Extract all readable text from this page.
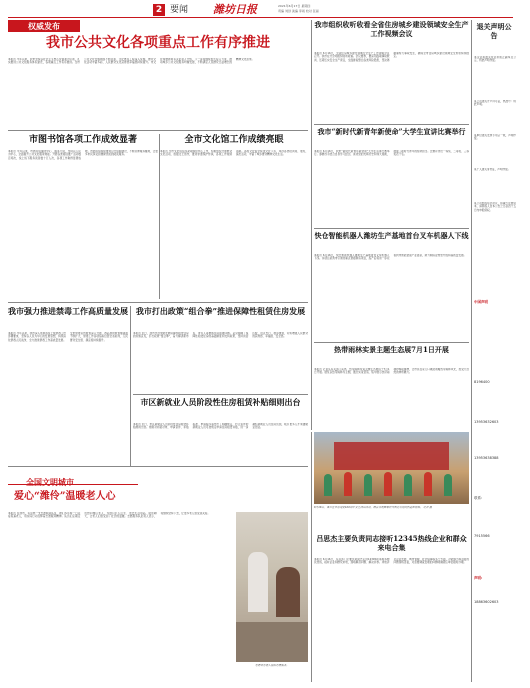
2 要闻 潍坊日报	2021年6月17日 星期四
责编 刘剑 美编 李雨 校对 张丽
权威发布
我市公共文化各项重点工作有序推进
本报讯 今年以来，我市坚持以社会主义核心价值观为引领，扎实推进公共文化服务体系建设，各项重点工作有序推进。全市公共文化设施网络不断完善，文化惠民工程深入实施，群众文化活动丰富多彩，人民群众文化获得感幸福感持续提升。市文化和旅游局有关负责人介绍，下一步将继续加大投入力度，推动城乡公共文化服务均衡发展，不断满足人民群众日益增长的精神文化需求。
市图书馆各项工作成效显著
本报讯 今年以来，市图书馆围绕中心、服务大局，坚持以人民为中心，全面提升公共文化服务效能。开展各类阅读推广活动数百场次，线上线下服务读者数十万人次，各项工作取得显著成效。市图书馆持续推进总分馆制建设，不断延伸服务触角，让更多市民享受到便捷优质的阅读服务。
全市文化馆工作成绩亮眼
本报讯 全市文化馆系统紧紧围绕中心工作，积极组织开展群众文化活动，加强文艺创作，推进非遗保护传承，各项工作成绩亮眼。各级文化馆坚持送文化下乡，举办各类培训班、展览、演出活动，丰富了城乡群众精神文化生活。
我市组织收听收看全省住房城乡建设领域安全生产工作视频会议
本报讯 6月16日，全省住房城乡建设领域安全生产工作视频会议召开。我市在分会场组织收听收看。会议要求，要深刻汲取事故教训，压紧压实安全生产责任，全面排查整治各类风险隐患，坚决遏制重特大事故发生，确保全市住房城乡建设领域安全形势持续稳定。
我市“新时代新青年新使命”大学生宣讲比赛举行
本报讯 6月16日，我市“新时代新青年新使命”大学生宣讲比赛举行。参赛选手结合自身学习经历，讲述党的光辉历史和伟大成就，展现了新时代青年的使命担当。比赛评选出一等奖、二等奖、三等奖若干名。
快仓智能机器人潍坊生产基地首台叉车机器人下线
本报讯 6月16日，快仓智能机器人潍坊生产基地首台叉车机器人下线。该项目是我市引进的重点智能制造项目，投产后将进一步完善我市智能装备产业链条，助力制造业转型升级和高质量发展。
热带雨林实景主题生态展7月1日开展
本报讯 记者从有关部门获悉，热带雨林实景主题生态展将于7月1日开展。展览以热带雨林为主题，通过实景营造，集中展示热带雨林珍稀动植物，让市民在家门口就能领略热带雨林风光，感受大自然的神奇魅力。
我市强力推进禁毒工作高质量发展
本报讯 今年以来，我市深入贯彻落实上级禁毒工作部署要求，坚持以人民为中心的发展思想，持续深化禁毒人民战争，全力推进禁毒工作高质量发展。全市禁毒宣传教育深入开展，毒品预防教育覆盖面不断扩大，禁毒工作各项指标位居全省前列，人民群众安全感、满意度持续提升。
我市打出政策“组合拳”推进保障性租赁住房发展
本报讯 近日，我市出台加快发展保障性租赁住房的实施意见，打出政策“组合拳”，着力解决新市民、青年人等群体住房困难问题。意见明确了保障性租赁住房的基础制度和支持政策，坚持供需匹配、试点先行、稳步推进，切实增强人民群众的获得感、幸福感、安全感。
市区新就业人员阶段性住房租赁补贴细则出台
本报讯 近日，市区新就业人员阶段性住房租赁补贴细则出台。细则对补贴对象、申请条件、补贴标准、申请程序等作出了明确规定，符合条件的新就业人员可按规定申请住房租赁补贴，进一步减轻新就业人员住房负担，吸引更多人才来潍就业创业。
6月16日，某社区举办建党100周年文艺演出活动，群众以歌舞等形式表达对党的热爱和祝福。 记者 摄
全国文明城市
爱心“潍伶”温暖老人心
本报讯 在我市，有这样一支志愿服务队伍，她们多年如一日关爱孤寡老人，用实际行动诠释着志愿服务精神。队员们定期走访慰问辖区老人，为他们打扫卫生、送去生活用品、陪伴聊天，让老人们感受到了社会的温暖。志愿服务队负责人表示，将继续坚持下去，让更多老人感受到关爱。
志愿者为老人提供志愿服务。
吕思杰主要负责同志接听12345热线企业和群众来电合集
本报讯 6月16日，有关部门主要负责同志走进12345政务服务便民热线，接听企业和群众来电，现场解答问题、解决诉求。来电涉及企业发展、城市管理、社会保障等多个方面，对能够当场答复的问题现场答复，对需要调查处理的问题明确责任单位限时办理。
退关声明公告
本企业拟遗失营业执照正副本及公章，特此声明作废。
某公司遗失开户许可证，核准号：特此声明。
某单位遗失发票专用章一枚，声明作废。
某个人遗失身份证，声明作废。
某公司经股东会决议，拟减少注册资本，请债权人自本公告之日起四十五日内申报债权。
中国声明
8196400
13953632603
13953638388
联系:
7915566
声明:
18863602603
